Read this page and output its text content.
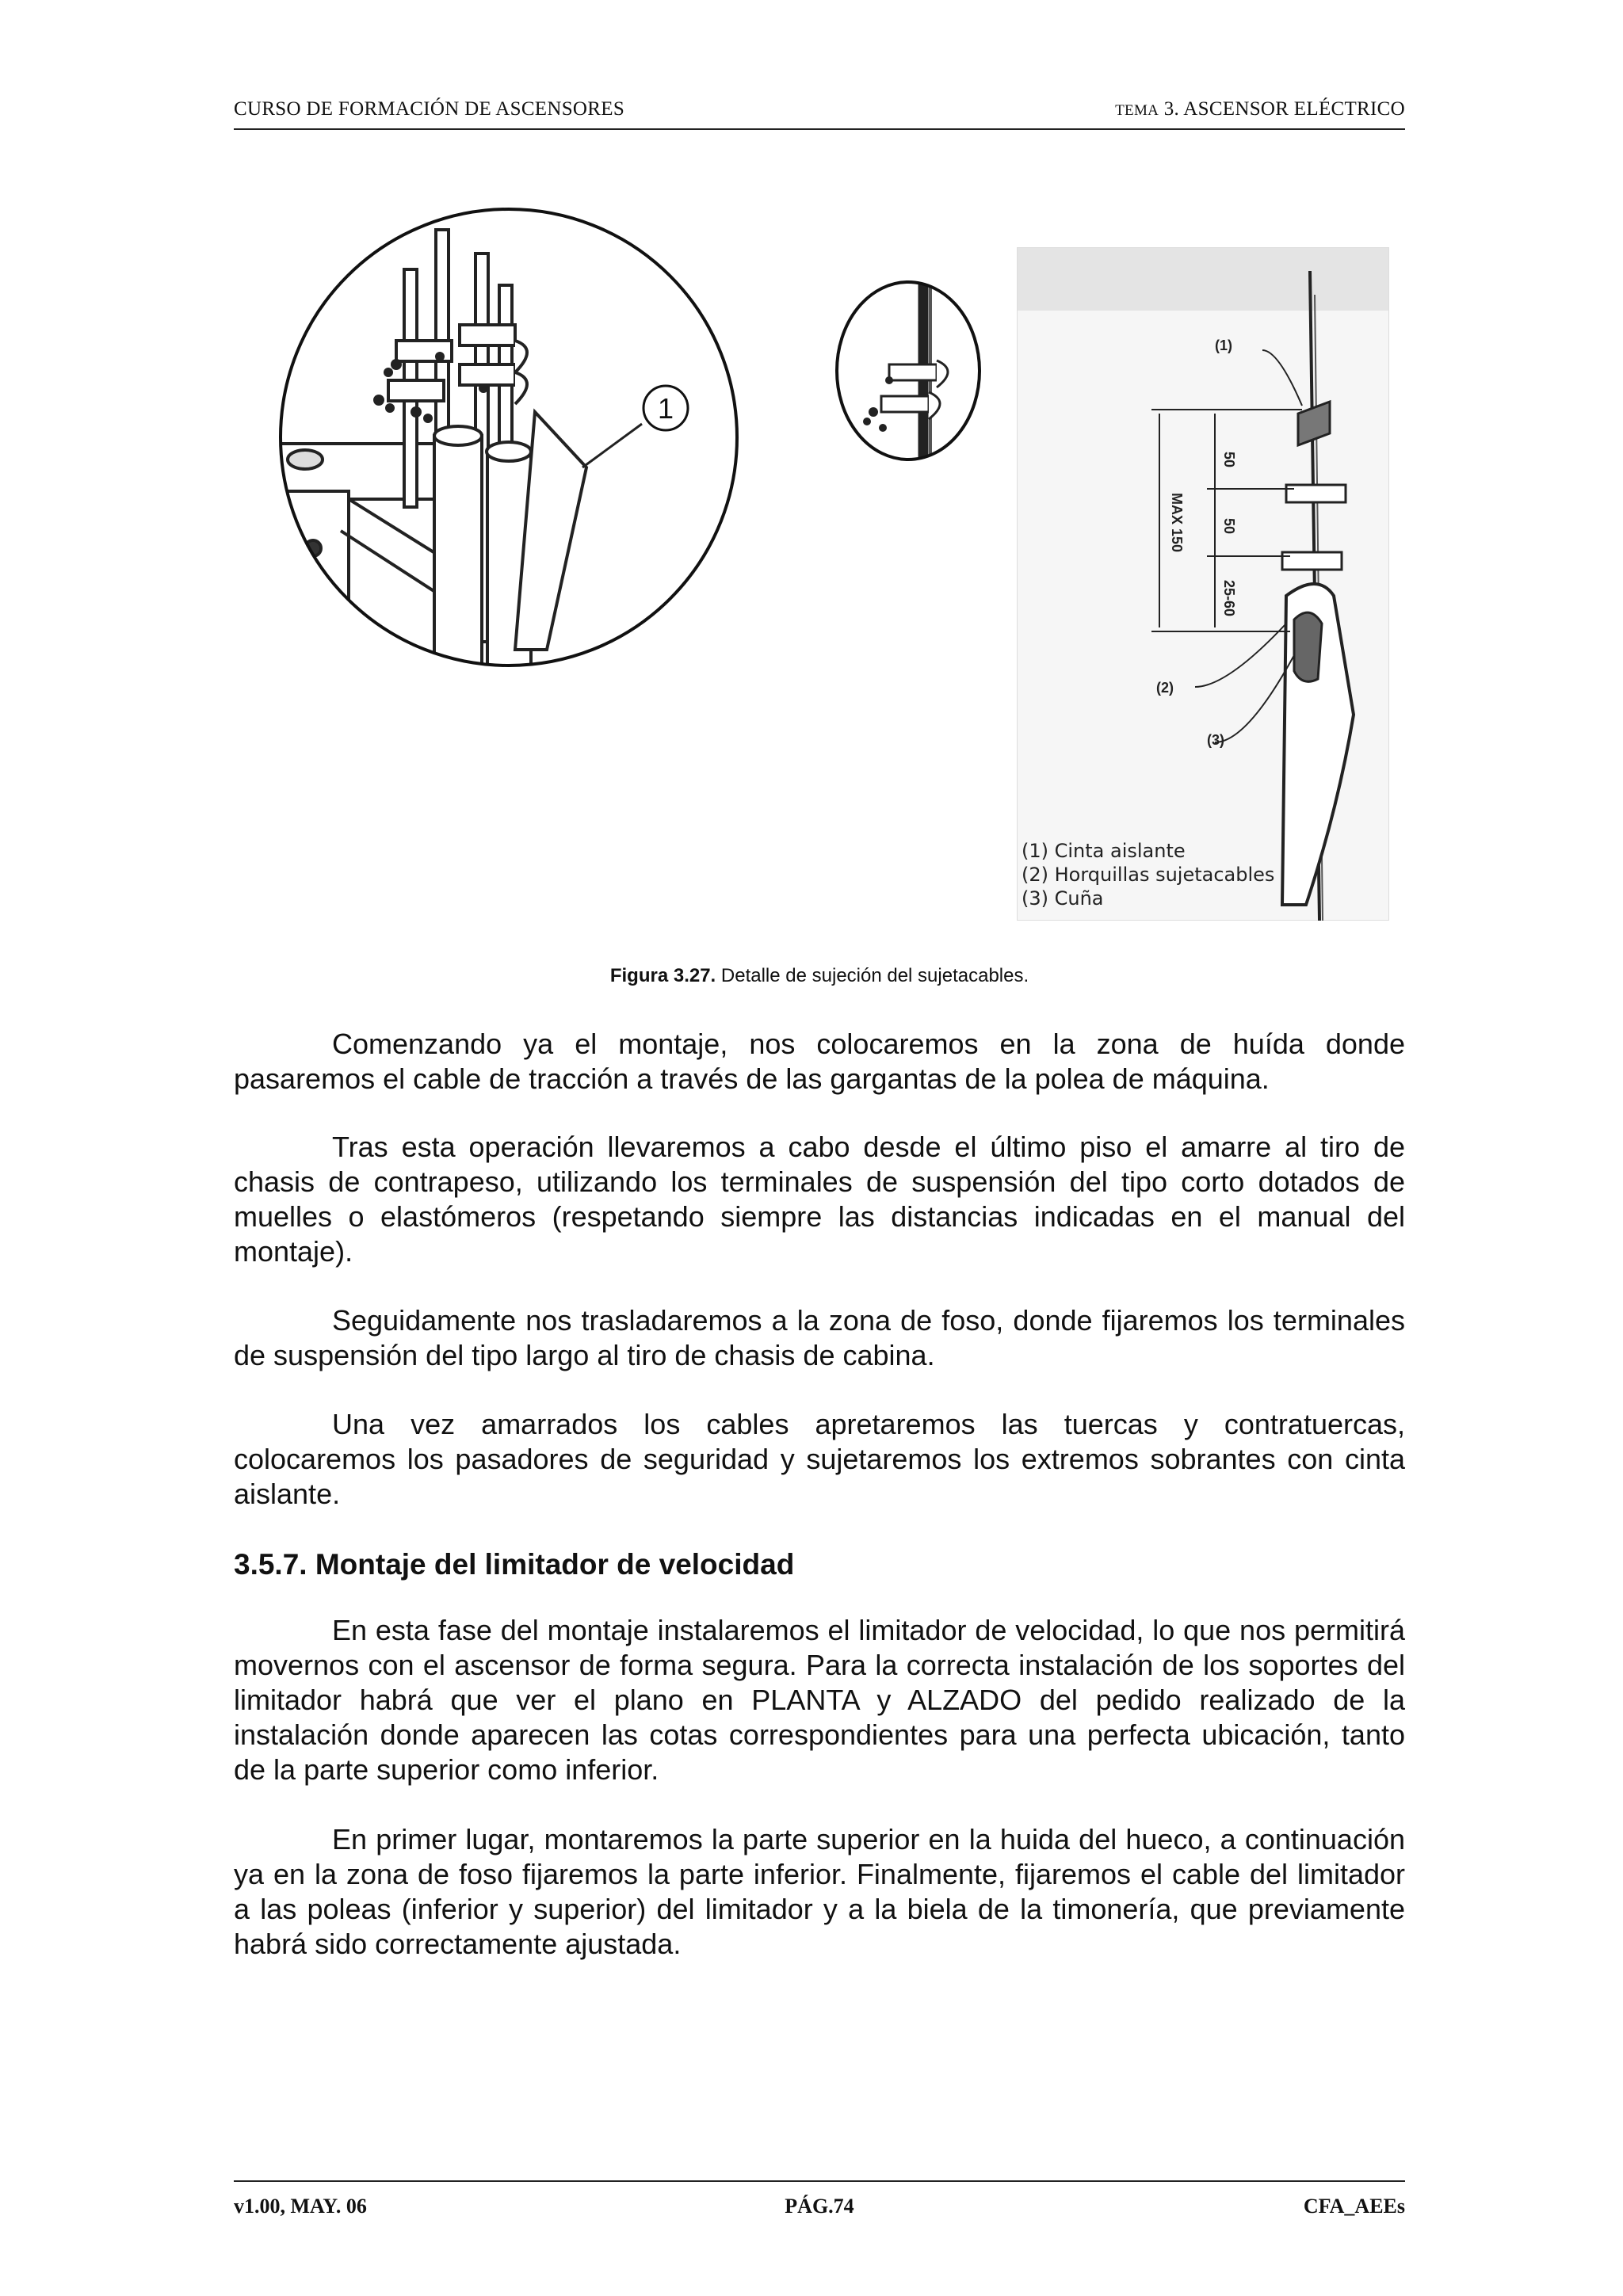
CURSO DE FORMACIÓN DE ASCENSORES	TEMA 3. ASCENSOR ELÉCTRICO
1
50
50
25-60
MAX 150
(1)
(2)
(3)
(1) Cinta aislante
(2) Horquillas sujetacables
(3) Cuña
Figura 3.27. Detalle de sujeción del sujetacables.

Comenzando ya el montaje, nos colocaremos en la zona de huída donde pasaremos el cable de tracción a través de las gargantas de la polea de máquina.

Tras esta operación llevaremos a cabo desde el último piso el amarre al tiro de chasis de contrapeso, utilizando los terminales de suspensión del tipo corto dotados de muelles o elastómeros (respetando siempre las distancias indicadas en el manual del montaje).

Seguidamente nos trasladaremos a la zona de foso, donde fijaremos los terminales de suspensión del tipo largo al tiro de chasis de cabina.

Una vez amarrados los cables apretaremos las tuercas y contratuercas, colocaremos los pasadores de seguridad y sujetaremos los extremos sobrantes con cinta aislante.

3.5.7. Montaje del limitador de velocidad

En esta fase del montaje instalaremos el limitador de velocidad, lo que nos permitirá movernos con el ascensor de forma segura. Para la correcta instalación de los soportes del limitador habrá que ver el plano en PLANTA y ALZADO del pedido realizado de la instalación donde aparecen las cotas correspondientes para una perfecta ubicación, tanto de la parte superior como inferior.

En primer lugar, montaremos la parte superior en la huida del hueco, a continuación ya en la zona de foso fijaremos la parte inferior. Finalmente, fijaremos el cable del limitador a las poleas (inferior y superior) del limitador y a la biela de la timonería, que previamente habrá sido correctamente ajustada.

v1.00, MAY. 06	PÁG.74	CFA_AEEs
